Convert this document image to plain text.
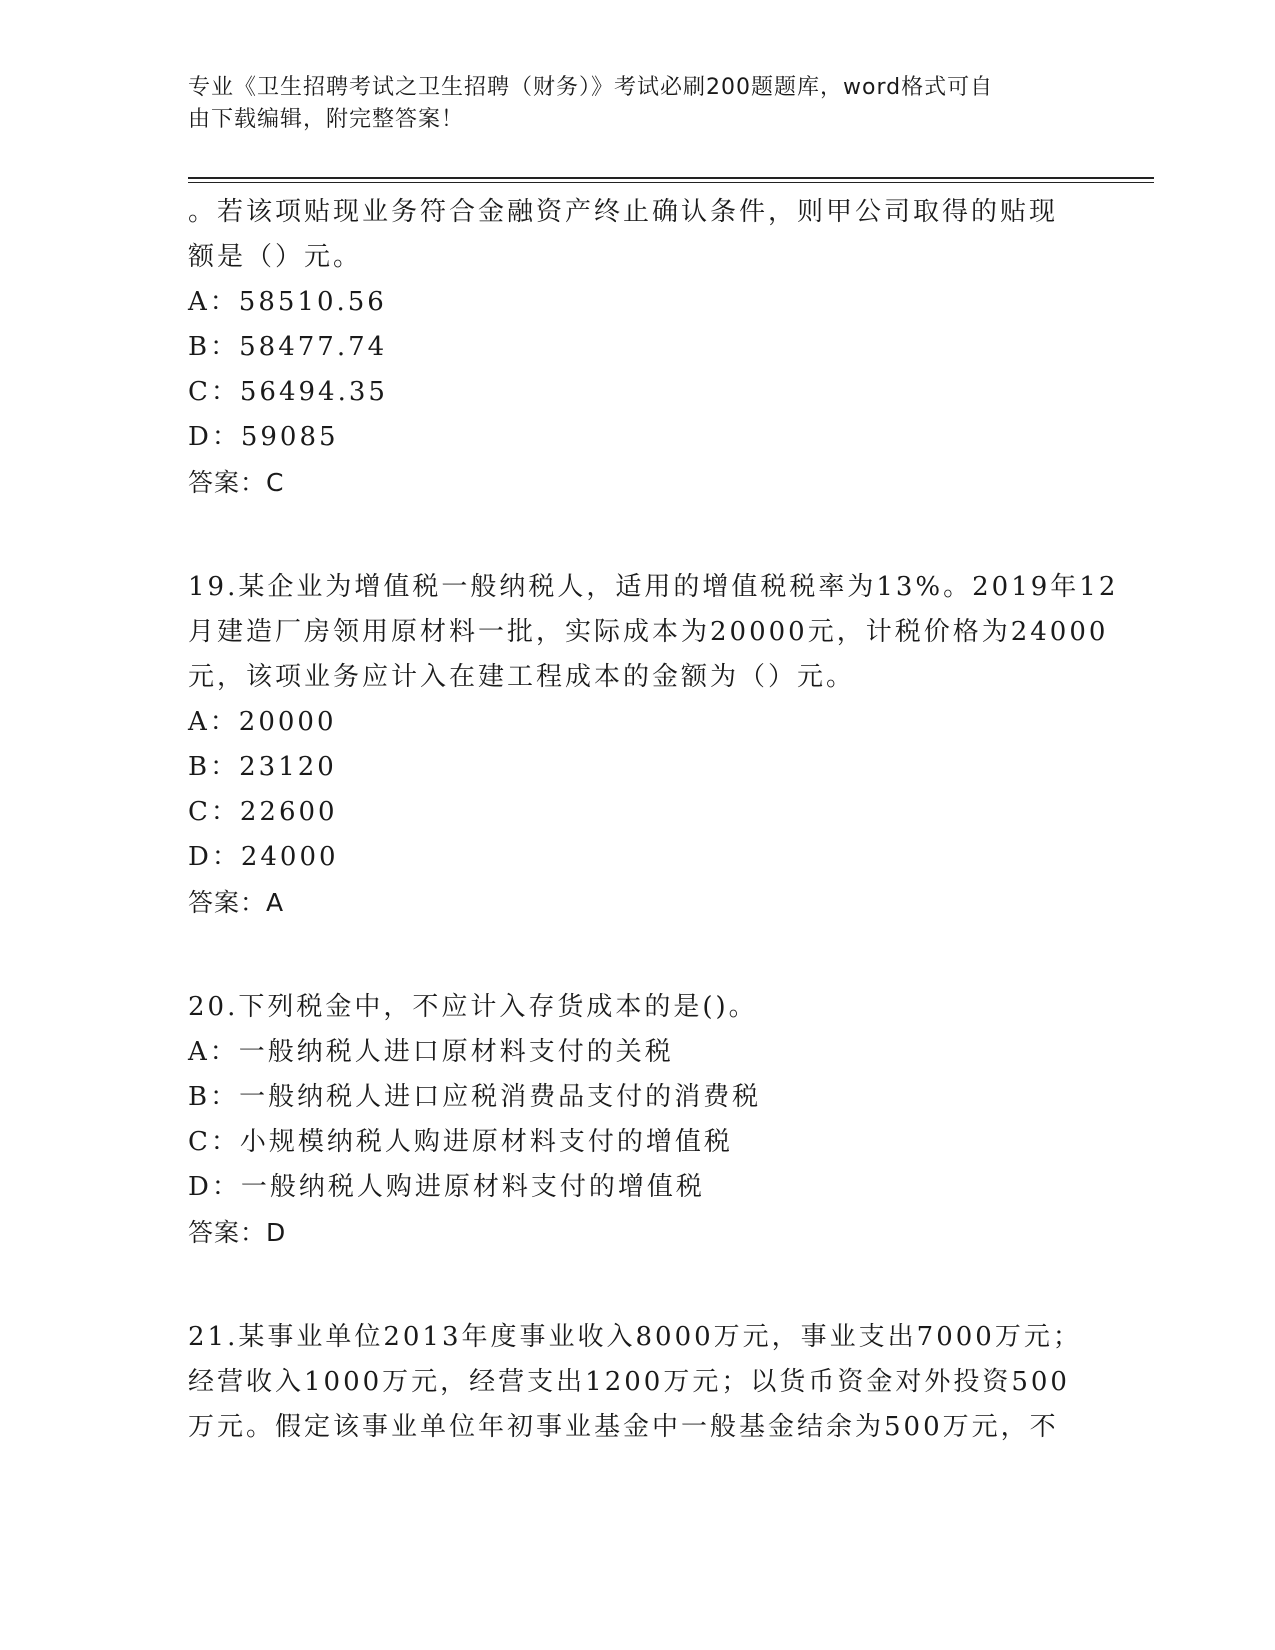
专业《卫生招聘考试之卫生招聘（财务）》考试必刷200题题库，word格式可自
由下载编辑，附完整答案！
。若该项贴现业务符合金融资产终止确认条件，则甲公司取得的贴现
额是（）元。
A：58510.56
B：58477.74
C：56494.35
D：59085
答案：C
19.某企业为增值税一般纳税人，适用的增值税税率为13%。2019年12
月建造厂房领用原材料一批，实际成本为20000元，计税价格为24000
元，该项业务应计入在建工程成本的金额为（）元。
A：20000
B：23120
C：22600
D：24000
答案：A
20.下列税金中，不应计入存货成本的是()。
A：一般纳税人进口原材料支付的关税
B：一般纳税人进口应税消费品支付的消费税
C：小规模纳税人购进原材料支付的增值税
D：一般纳税人购进原材料支付的增值税
答案：D
21.某事业单位2013年度事业收入8000万元，事业支出7000万元；
经营收入1000万元，经营支出1200万元；以货币资金对外投资500
万元。假定该事业单位年初事业基金中一般基金结余为500万元，不
